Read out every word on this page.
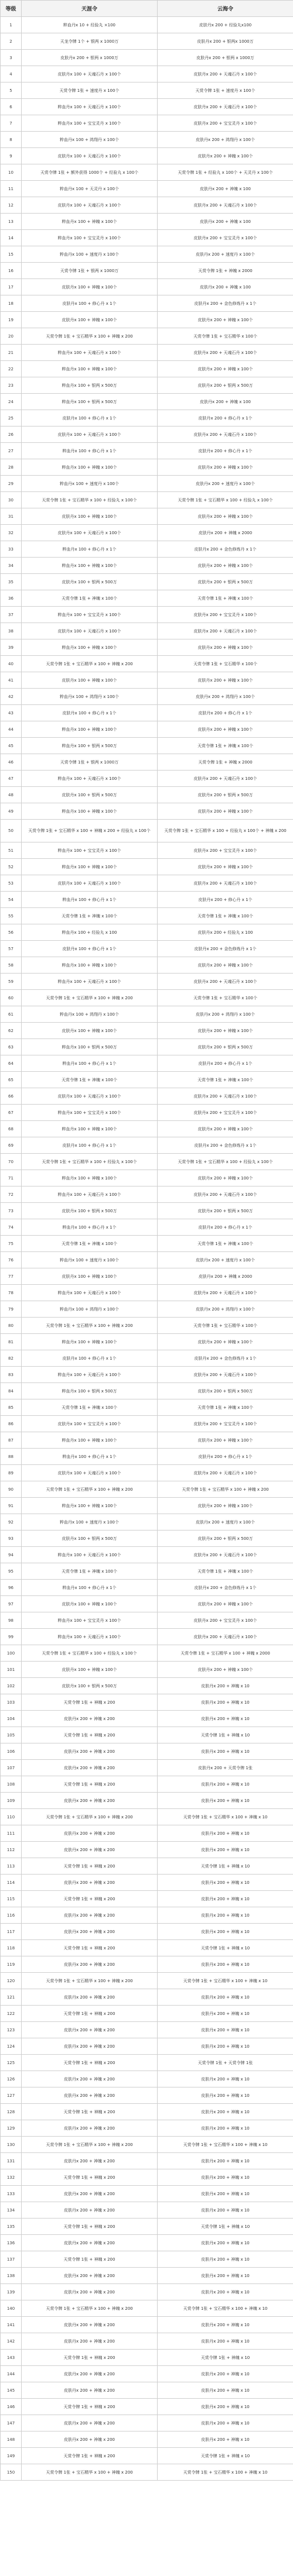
等级	天涯令	云海令
1	粹血丹x 10 + 经验丸 ×100	皮肤丹x 200 + 经验丸x100
2	天龙令牌 1个 + 银两 x 1000万	皮肤丹x 200 + 银两x 1000万
3	皮肤丹x 200 + 银两 x 1000万	皮肤丹x 200 + 银两 x 1000万
4	皮肤丹x 100 + 天魂石丹 x 100个	皮肤丹x 200 + 天魂石丹 x 100个
5	天赏令牌 1张 + 速度丹 x 100个	天赏令牌 1张 + 速度丹 x 100个
6	粹血丹x 100 + 天魂石丹 x 100个	皮肤丹x 200 + 天魂石丹 x 100个
7	粹血丹x 100 + 宝宝灵丹 x 100个	皮肤丹x 200 + 宝宝灵丹 x 100个
8	粹血丹x 100 + 鸿翔丹 x 100个	皮肤丹x 200 + 鸿翔丹 x 100个
9	皮肤丹x 100 + 天魂石丹 x 100个	皮肤丹x 200 + 神魄 x 100个
10	天赏令牌 1张 + 额外获得 1000个 + 经验丸 x 100个	天赏令牌 1张 + 经验丸 x 100个 + 天灵丹 x 100个
11	粹血丹x 100 + 天灵丹 x 100个	皮肤丹x 200 + 神魄 x 100
12	皮肤丹x 100 + 天魂石丹 x 100个	皮肤丹x 200 + 天魂石丹 x 100个
13	粹血丹x 100 + 神魄 x 100个	皮肤丹x 200 + 神魄 x 100
14	粹血丹x 100 + 宝宝灵丹 x 100个	皮肤丹x 200 + 宝宝灵丹 x 100个
15	粹血丹x 100 + 速度丹 x 100个	皮肤丹x 200 + 速度丹 x 100个
16	天赏令牌 1张 + 银两 x 1000万	天赏令牌 1张 + 神魄 x 2000
17	皮肤丹x 100 + 神魄 x 100个	皮肤丹x 200 + 神魄 x 100
18	皮肤丹x 100 + 修心丹 x 1个	皮肤丹x 200 + 金色修炼丹 x 1个
19	皮肤丹x 100 + 神魄 x 100个	皮肤丹x 200 + 神魄 x 100个
20	天赏令牌 1张 + 宝石精华 x 100 + 神魄 x 200	天赏令牌 1张 + 宝石精华 x 100个
21	粹血丹x 100 + 天魂石丹 x 100个	皮肤丹x 200 + 天魂石丹 x 100个
22	粹血丹x 100 + 神魄 x 100个	皮肤丹x 200 + 神魄 x 100个
23	粹血丹x 100 + 银两 x 500万	皮肤丹x 200 + 银两 x 500万
24	粹血丹x 100 + 银两 x 500万	皮肤丹x 200 + 神魄 x 100
25	皮肤丹x 100 + 修心丹 x 1个	皮肤丹x 200 + 修心丹 x 1个
26	皮肤丹x 100 + 天魂石丹 x 100个	皮肤丹x 200 + 天魂石丹 x 100个
27	粹血丹x 100 + 修心丹 x 1个	皮肤丹x 200 + 修心丹 x 1个
28	粹血丹x 100 + 神魄 x 100个	皮肤丹x 200 + 神魄 x 100个
29	粹血丹x 100 + 速度丹 x 100个	皮肤丹x 200 + 速度丹 x 100个
30	天赏令牌 1张 + 宝石精华 x 100 + 经验丸 x 100个	天赏令牌 1张 + 宝石精华 x 100 + 经验丸 x 100个
31	皮肤丹x 100 + 神魄 x 100个	皮肤丹x 200 + 神魄 x 100个
32	皮肤丹x 100 + 天魂石丹 x 100个	皮肤丹x 200 + 神魄 x 2000
33	粹血丹x 100 + 修心丹 x 1个	皮肤丹x 200 + 金色修炼丹 x 1个
34	粹血丹x 100 + 神魄 x 100个	皮肤丹x 200 + 神魄 x 100个
35	皮肤丹x 100 + 银两 x 500万	皮肤丹x 200 + 银两 x 500万
36	天赏令牌 1张 + 神魄 x 100个	天赏令牌 1张 + 神魄 x 100个
37	粹血丹x 100 + 宝宝灵丹 x 100个	皮肤丹x 200 + 宝宝灵丹 x 100个
38	皮肤丹x 100 + 天魂石丹 x 100个	皮肤丹x 200 + 天魂石丹 x 100个
39	粹血丹x 100 + 神魄 x 100个	皮肤丹x 200 + 神魄 x 100个
40	天赏令牌 1张 + 宝石精华 x 100 + 神魄 x 200	天赏令牌 1张 + 宝石精华 x 100个
41	皮肤丹x 100 + 神魄 x 100个	皮肤丹x 200 + 神魄 x 100个
42	粹血丹x 100 + 鸿翔丹 x 100个	皮肤丹x 200 + 鸿翔丹 x 100个
43	皮肤丹x 100 + 修心丹 x 1个	皮肤丹x 200 + 修心丹 x 1个
44	粹血丹x 100 + 神魄 x 100个	皮肤丹x 200 + 神魄 x 100个
45	粹血丹x 100 + 银两 x 500万	天赏令牌 1张 + 神魄 x 100个
46	天赏令牌 1张 + 银两 x 1000万	天赏令牌 1张 + 神魄 x 2000
47	粹血丹x 100 + 天魂石丹 x 100个	皮肤丹x 200 + 天魂石丹 x 100个
48	皮肤丹x 100 + 银两 x 500万	皮肤丹x 200 + 银两 x 500万
49	粹血丹x 100 + 神魄 x 100个	皮肤丹x 200 + 神魄 x 100个
50	天赏令牌 1张 + 宝石精华 x 100 + 神魄 x 200 + 经验丸 x 100个	天赏令牌 1张 + 宝石精华 x 100 + 经验丸 x 100个 + 神魄 x 200
51	粹血丹x 100 + 宝宝灵丹 x 100个	皮肤丹x 200 + 宝宝灵丹 x 100个
52	粹血丹x 100 + 神魄 x 100个	皮肤丹x 200 + 神魄 x 100个
53	皮肤丹x 100 + 天魂石丹 x 100个	皮肤丹x 200 + 天魂石丹 x 100个
54	粹血丹x 100 + 修心丹 x 1个	皮肤丹x 200 + 修心丹 x 1个
55	天赏令牌 1张 + 神魄 x 100个	天赏令牌 1张 + 神魄 x 100个
56	粹血丹x 100 + 经验丸 x 100	皮肤丹x 200 + 经验丸 x 100
57	皮肤丹x 100 + 修心丹 x 1个	皮肤丹x 200 + 金色修炼丹 x 1个
58	粹血丹x 100 + 神魄 x 100个	皮肤丹x 200 + 神魄 x 100个
59	粹血丹x 100 + 天魂石丹 x 100个	皮肤丹x 200 + 天魂石丹 x 100个
60	天赏令牌 1张 + 宝石精华 x 100 + 神魄 x 200	天赏令牌 1张 + 宝石精华 x 100个
61	粹血丹x 100 + 鸿翔丹 x 100个	皮肤丹x 200 + 鸿翔丹 x 100个
62	皮肤丹x 100 + 神魄 x 100个	皮肤丹x 200 + 神魄 x 100个
63	粹血丹x 100 + 银两 x 500万	皮肤丹x 200 + 银两 x 500万
64	粹血丹x 100 + 修心丹 x 1个	皮肤丹x 200 + 修心丹 x 1个
65	天赏令牌 1张 + 神魄 x 100个	天赏令牌 1张 + 神魄 x 100个
66	皮肤丹x 100 + 天魂石丹 x 100个	皮肤丹x 200 + 天魂石丹 x 100个
67	粹血丹x 100 + 宝宝灵丹 x 100个	皮肤丹x 200 + 宝宝灵丹 x 100个
68	粹血丹x 100 + 神魄 x 100个	皮肤丹x 200 + 神魄 x 100个
69	皮肤丹x 100 + 修心丹 x 1个	皮肤丹x 200 + 金色修炼丹 x 1个
70	天赏令牌 1张 + 宝石精华 x 100 + 经验丸 x 100个	天赏令牌 1张 + 宝石精华 x 100 + 经验丸 x 100个
71	粹血丹x 100 + 神魄 x 100个	皮肤丹x 200 + 神魄 x 100个
72	粹血丹x 100 + 天魂石丹 x 100个	皮肤丹x 200 + 天魂石丹 x 100个
73	皮肤丹x 100 + 银两 x 500万	皮肤丹x 200 + 银两 x 500万
74	粹血丹x 100 + 修心丹 x 1个	皮肤丹x 200 + 修心丹 x 1个
75	天赏令牌 1张 + 神魄 x 100个	天赏令牌 1张 + 神魄 x 100个
76	粹血丹x 100 + 速度丹 x 100个	皮肤丹x 200 + 速度丹 x 100个
77	皮肤丹x 100 + 神魄 x 100个	皮肤丹x 200 + 神魄 x 2000
78	粹血丹x 100 + 天魂石丹 x 100个	皮肤丹x 200 + 天魂石丹 x 100个
79	粹血丹x 100 + 鸿翔丹 x 100个	皮肤丹x 200 + 鸿翔丹 x 100个
80	天赏令牌 1张 + 宝石精华 x 100 + 神魄 x 200	天赏令牌 1张 + 宝石精华 x 100个
81	粹血丹x 100 + 神魄 x 100个	皮肤丹x 200 + 神魄 x 100个
82	皮肤丹x 100 + 修心丹 x 1个	皮肤丹x 200 + 金色修炼丹 x 1个
83	粹血丹x 100 + 天魂石丹 x 100个	皮肤丹x 200 + 天魂石丹 x 100个
84	粹血丹x 100 + 银两 x 500万	皮肤丹x 200 + 银两 x 500万
85	天赏令牌 1张 + 神魄 x 100个	天赏令牌 1张 + 神魄 x 100个
86	皮肤丹x 100 + 宝宝灵丹 x 100个	皮肤丹x 200 + 宝宝灵丹 x 100个
87	粹血丹x 100 + 神魄 x 100个	皮肤丹x 200 + 神魄 x 100个
88	粹血丹x 100 + 修心丹 x 1个	皮肤丹x 200 + 修心丹 x 1个
89	皮肤丹x 100 + 天魂石丹 x 100个	皮肤丹x 200 + 天魂石丹 x 100个
90	天赏令牌 1张 + 宝石精华 x 100 + 神魄 x 200	天赏令牌 1张 + 宝石精华 x 100 + 神魄 x 200
91	粹血丹x 100 + 神魄 x 100个	皮肤丹x 200 + 神魄 x 100个
92	粹血丹x 100 + 速度丹 x 100个	皮肤丹x 200 + 速度丹 x 100个
93	皮肤丹x 100 + 银两 x 500万	皮肤丹x 200 + 银两 x 500万
94	粹血丹x 100 + 天魂石丹 x 100个	皮肤丹x 200 + 天魂石丹 x 100个
95	天赏令牌 1张 + 神魄 x 100个	天赏令牌 1张 + 神魄 x 100个
96	粹血丹x 100 + 修心丹 x 1个	皮肤丹x 200 + 金色修炼丹 x 1个
97	皮肤丹x 100 + 神魄 x 100个	皮肤丹x 200 + 神魄 x 100个
98	粹血丹x 100 + 宝宝灵丹 x 100个	皮肤丹x 200 + 宝宝灵丹 x 100个
99	粹血丹x 100 + 天魂石丹 x 100个	皮肤丹x 200 + 天魂石丹 x 100个
100	天赏令牌 1张 + 宝石精华 x 100 + 经验丸 x 100个	天赏令牌 1张 + 宝石精华 x 100 + 神魄 x 2000
101	皮肤丹x 100 + 神魄 x 100个	皮肤丹x 200 + 神魄 x 100个
102	皮肤丹x 100 + 银两 x 500万	皮肤丹x 200 + 神魄 x 10
103	天赏令牌 1张 + 神魄 x 200	皮肤丹x 200 + 神魄 x 10
104	皮肤丹x 200 + 神魄 x 200	皮肤丹x 200 + 神魄 x 10
105	天赏令牌 1张 + 神魄 x 200	天赏令牌 1张 + 神魄 x 10
106	皮肤丹x 200 + 神魄 x 200	皮肤丹x 200 + 神魄 x 10
107	皮肤丹x 200 + 神魄 x 200	皮肤丹x 200 + 天赏令牌 1张
108	天赏令牌 1张 + 神魄 x 200	皮肤丹x 200 + 神魄 x 10
109	皮肤丹x 200 + 神魄 x 200	皮肤丹x 200 + 神魄 x 10
110	天赏令牌 1张 + 宝石精华 x 100 + 神魄 x 200	天赏令牌 1张 + 宝石精华 x 100 + 神魄 x 10
111	皮肤丹x 200 + 神魄 x 200	皮肤丹x 200 + 神魄 x 10
112	皮肤丹x 200 + 神魄 x 200	皮肤丹x 200 + 神魄 x 10
113	天赏令牌 1张 + 神魄 x 200	天赏令牌 1张 + 神魄 x 10
114	皮肤丹x 200 + 神魄 x 200	皮肤丹x 200 + 神魄 x 10
115	天赏令牌 1张 + 神魄 x 200	皮肤丹x 200 + 神魄 x 10
116	皮肤丹x 200 + 神魄 x 200	皮肤丹x 200 + 神魄 x 10
117	皮肤丹x 200 + 神魄 x 200	皮肤丹x 200 + 神魄 x 10
118	天赏令牌 1张 + 神魄 x 200	天赏令牌 1张 + 神魄 x 10
119	皮肤丹x 200 + 神魄 x 200	皮肤丹x 200 + 神魄 x 10
120	天赏令牌 1张 + 宝石精华 x 100 + 神魄 x 200	天赏令牌 1张 + 宝石精华 x 100 + 神魄 x 10
121	皮肤丹x 200 + 神魄 x 200	皮肤丹x 200 + 神魄 x 10
122	天赏令牌 1张 + 神魄 x 200	皮肤丹x 200 + 神魄 x 10
123	皮肤丹x 200 + 神魄 x 200	皮肤丹x 200 + 神魄 x 10
124	皮肤丹x 200 + 神魄 x 200	皮肤丹x 200 + 神魄 x 10
125	天赏令牌 1张 + 神魄 x 200	天赏令牌 1张 + 天赏令牌 1张
126	皮肤丹x 200 + 神魄 x 200	皮肤丹x 200 + 神魄 x 10
127	皮肤丹x 200 + 神魄 x 200	皮肤丹x 200 + 神魄 x 10
128	天赏令牌 1张 + 神魄 x 200	皮肤丹x 200 + 神魄 x 10
129	皮肤丹x 200 + 神魄 x 200	皮肤丹x 200 + 神魄 x 10
130	天赏令牌 1张 + 宝石精华 x 100 + 神魄 x 200	天赏令牌 1张 + 宝石精华 x 100 + 神魄 x 10
131	皮肤丹x 200 + 神魄 x 200	皮肤丹x 200 + 神魄 x 10
132	天赏令牌 1张 + 神魄 x 200	皮肤丹x 200 + 神魄 x 10
133	皮肤丹x 200 + 神魄 x 200	皮肤丹x 200 + 神魄 x 10
134	皮肤丹x 200 + 神魄 x 200	皮肤丹x 200 + 神魄 x 10
135	天赏令牌 1张 + 神魄 x 200	天赏令牌 1张 + 神魄 x 10
136	皮肤丹x 200 + 神魄 x 200	皮肤丹x 200 + 神魄 x 10
137	天赏令牌 1张 + 神魄 x 200	皮肤丹x 200 + 神魄 x 10
138	皮肤丹x 200 + 神魄 x 200	皮肤丹x 200 + 神魄 x 10
139	皮肤丹x 200 + 神魄 x 200	皮肤丹x 200 + 神魄 x 10
140	天赏令牌 1张 + 宝石精华 x 100 + 神魄 x 200	天赏令牌 1张 + 宝石精华 x 100 + 神魄 x 10
141	皮肤丹x 200 + 神魄 x 200	皮肤丹x 200 + 神魄 x 10
142	皮肤丹x 200 + 神魄 x 200	皮肤丹x 200 + 神魄 x 10
143	天赏令牌 1张 + 神魄 x 200	天赏令牌 1张 + 神魄 x 10
144	皮肤丹x 200 + 神魄 x 200	皮肤丹x 200 + 神魄 x 10
145	皮肤丹x 200 + 神魄 x 200	皮肤丹x 200 + 神魄 x 10
146	天赏令牌 1张 + 神魄 x 200	皮肤丹x 200 + 神魄 x 10
147	皮肤丹x 200 + 神魄 x 200	皮肤丹x 200 + 神魄 x 10
148	皮肤丹x 200 + 神魄 x 200	皮肤丹x 200 + 神魄 x 10
149	天赏令牌 1张 + 神魄 x 200	天赏令牌 1张 + 神魄 x 10
150	天赏令牌 1张 + 宝石精华 x 100 + 神魄 x 200	天赏令牌 1张 + 宝石精华 x 100 + 神魄 x 10
